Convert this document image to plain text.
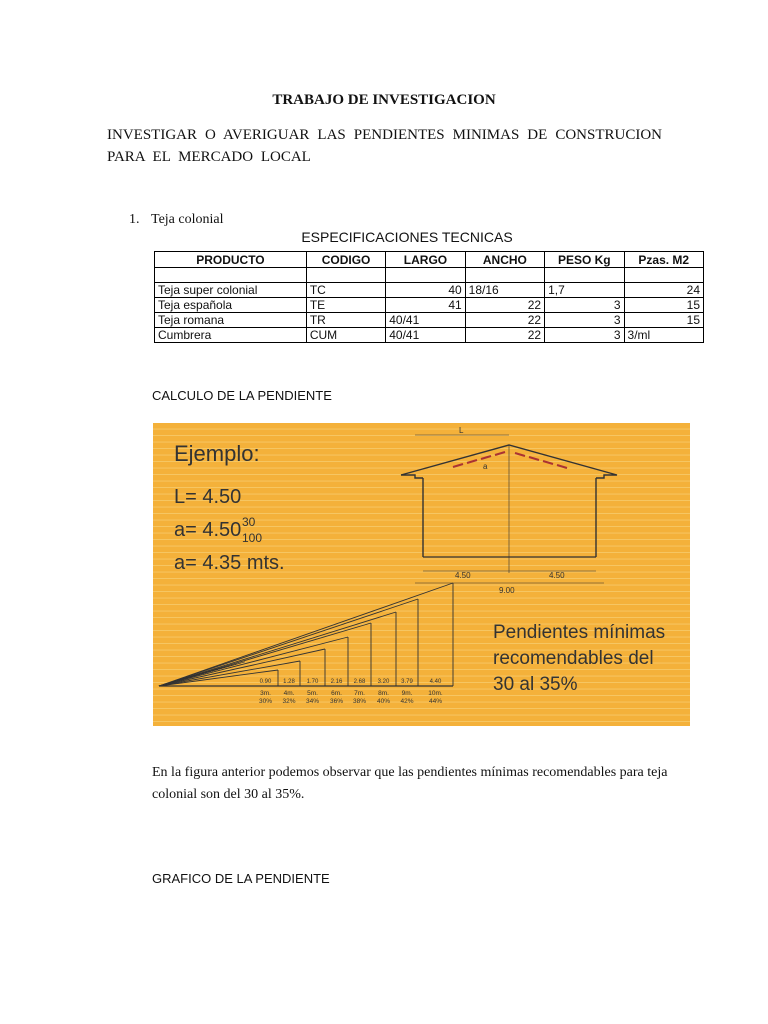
TRABAJO DE INVESTIGACION
INVESTIGAR O AVERIGUAR LAS PENDIENTES MINIMAS DE CONSTRUCION PARA EL MERCADO LOCAL
1. Teja colonial
ESPECIFICACIONES TECNICAS
PRODUCTO	CODIGO	LARGO	ANCHO	PESO Kg	Pzas. M2

Teja super colonial	TC	40	18/16	1,7	24
Teja española	TE	41	22	3	15
Teja romana	TR	40/41	22	3	15
Cumbrera	CUM	40/41	22	3	3/ml
CALCULO DE LA PENDIENTE
Ejemplo:
L= 4.50
a= 4.50 30
100
a= 4.35 mts.
L
a
4.50	4.50
9.00
0.90
3m.
30%
1.28
4m.
32%
1.70
5m.
34%
2.16
6m.
36%
2.68
7m.
38%
3.20
8m.
40%
3.79
9m.
42%
4.40
10m.
44%
Pendientes mínimas
recomendables del
30 al 35%
En la figura anterior podemos observar que las pendientes mínimas recomendables para teja colonial son del 30 al 35%.
GRAFICO DE LA PENDIENTE
